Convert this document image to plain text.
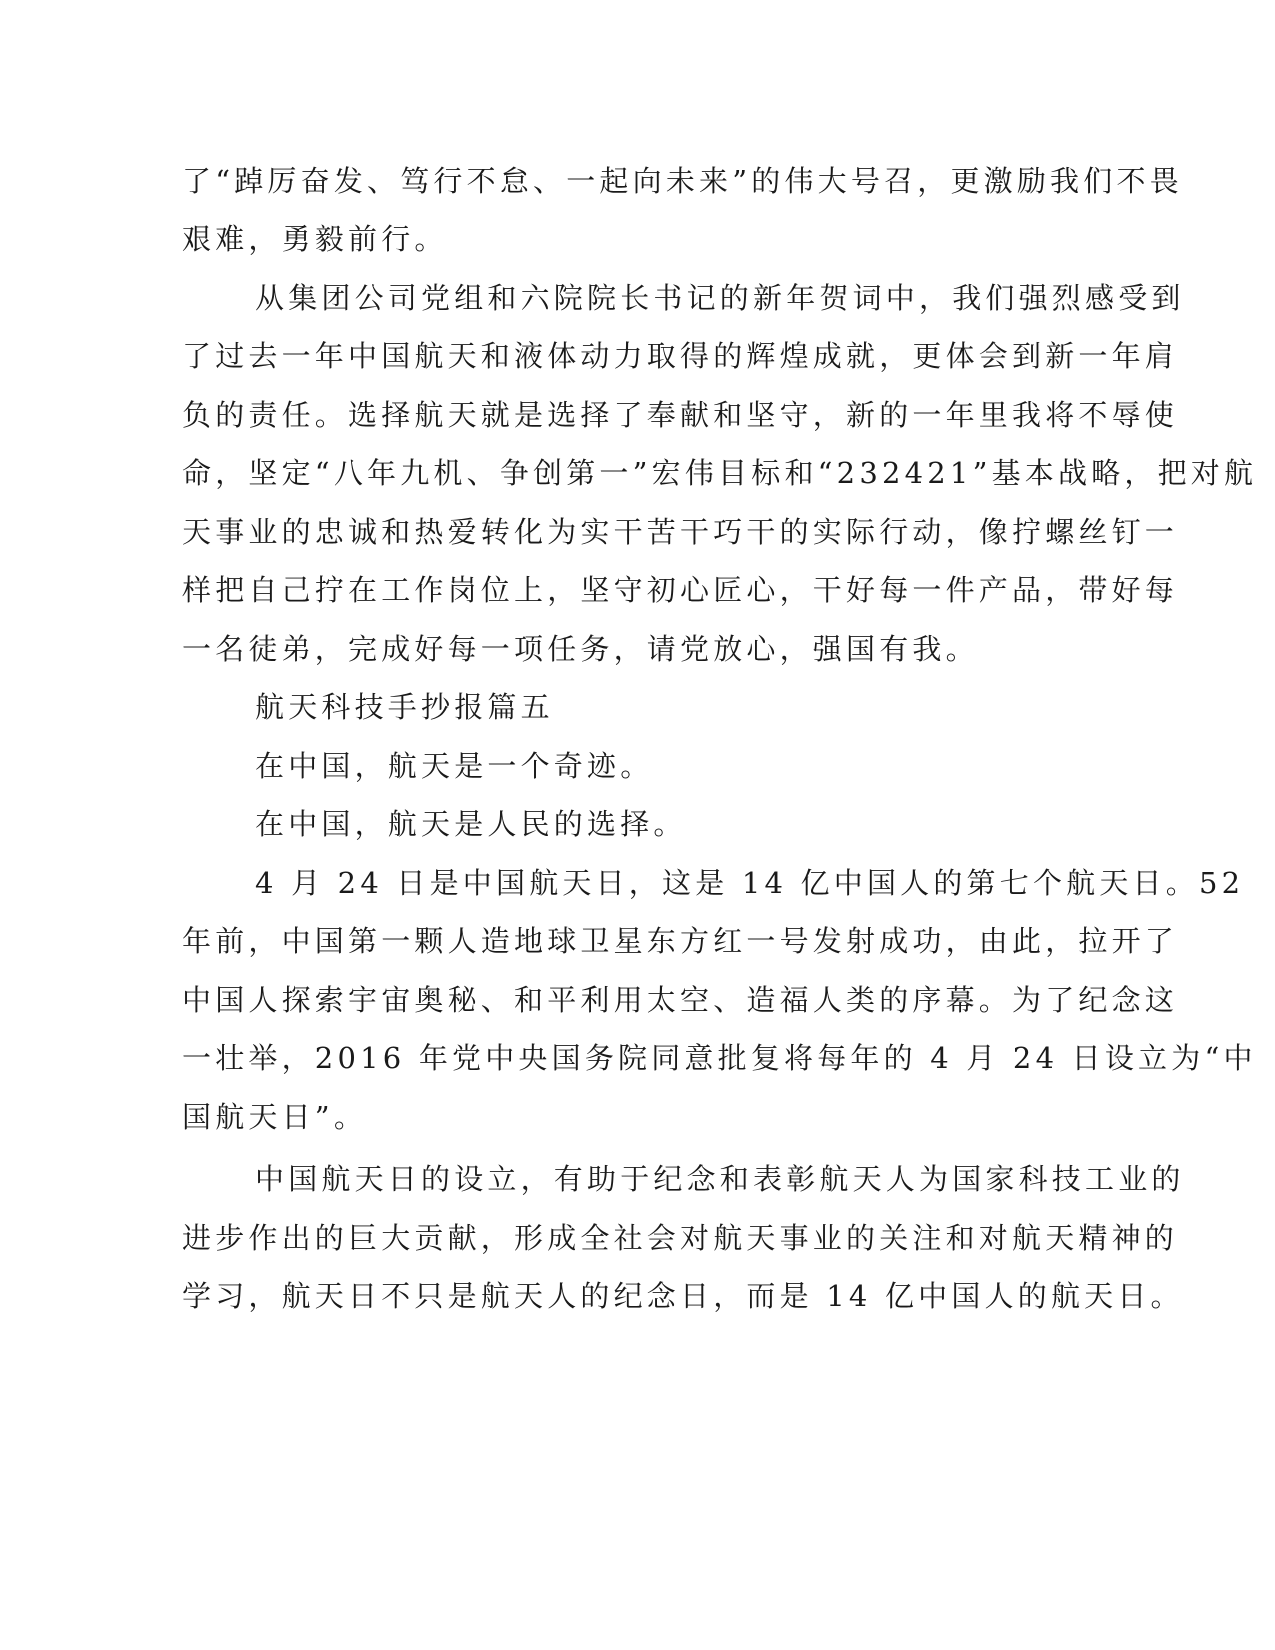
了“踔厉奋发、笃行不怠、一起向未来”的伟大号召，更激励我们不畏
艰难，勇毅前行。
从集团公司党组和六院院长书记的新年贺词中，我们强烈感受到
了过去一年中国航天和液体动力取得的辉煌成就，更体会到新一年肩
负的责任。选择航天就是选择了奉献和坚守，新的一年里我将不辱使
命，坚定“八年九机、争创第一”宏伟目标和“232421”基本战略，把对航
天事业的忠诚和热爱转化为实干苦干巧干的实际行动，像拧螺丝钉一
样把自己拧在工作岗位上，坚守初心匠心，干好每一件产品，带好每
一名徒弟，完成好每一项任务，请党放心，强国有我。
航天科技手抄报篇五
在中国，航天是一个奇迹。
在中国，航天是人民的选择。
4 月 24 日是中国航天日，这是 14 亿中国人的第七个航天日。52
年前，中国第一颗人造地球卫星东方红一号发射成功，由此，拉开了
中国人探索宇宙奥秘、和平利用太空、造福人类的序幕。为了纪念这
一壮举，2016 年党中央国务院同意批复将每年的 4 月 24 日设立为“中
国航天日”。
中国航天日的设立，有助于纪念和表彰航天人为国家科技工业的
进步作出的巨大贡献，形成全社会对航天事业的关注和对航天精神的
学习，航天日不只是航天人的纪念日，而是 14 亿中国人的航天日。
